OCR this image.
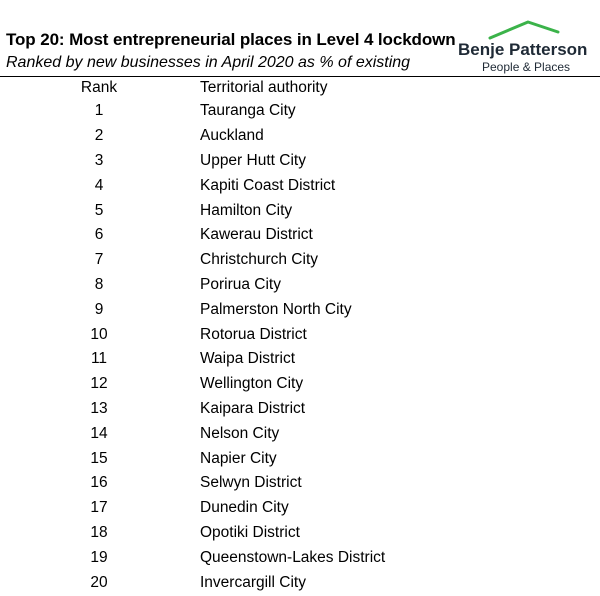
Top 20: Most entrepreneurial places in Level 4 lockdown
Ranked by new businesses in April 2020 as % of existing
Benje Patterson
People & Places
Rank	Territorial authority
1	Tauranga City
2	Auckland
3	Upper Hutt City
4	Kapiti Coast District
5	Hamilton City
6	Kawerau District
7	Christchurch City
8	Porirua City
9	Palmerston North City
10	Rotorua District
11	Waipa District
12	Wellington City
13	Kaipara District
14	Nelson City
15	Napier City
16	Selwyn District
17	Dunedin City
18	Opotiki District
19	Queenstown-Lakes District
20	Invercargill City
